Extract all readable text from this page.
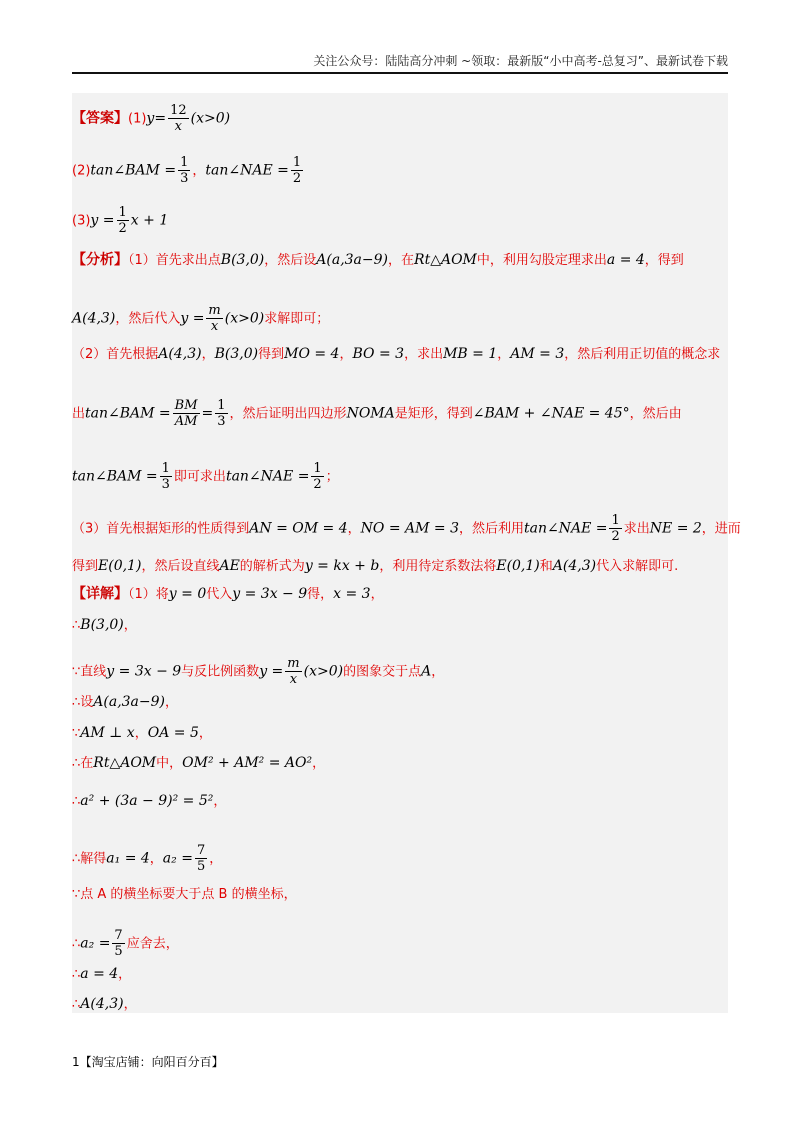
关注公众号：陆陆高分冲刺 ~领取：最新版“小中高考-总复习”、最新试卷下载
【答案】$(1)y= \frac{12}{x} (x>0)$
(2)tan∠BAM = $\frac{1}{3}$ ，tan∠NAE = $\frac{1}{2}$
$(3)y = \frac{1}{2}$ x + 1
【分析】（1）首先求出点B(3,0)，然后设A(a,3a−9)，在Rt△AOM中，利用勾股定理求出a = 4，得到
A(4,3)，然后代入$y = \frac{m}{x} (x>0)$求解即可；
（2）首先根据A(4,3)，B(3,0)得到MO = 4，BO = 3，求出MB = 1，AM = 3，然后利用正切值的概念求
出tan∠BAM = $\frac{BM}{AM} = \frac{1}{3}$ ，然后证明出四边形NOMA是矩形，得到∠BAM + ∠NAE = 45°，然后由
tan∠BAM = $\frac{1}{3}$ 即可求出tan∠NAE = $\frac{1}{2}$ ；
（3）首先根据矩形的性质得到AN = OM = 4，NO = AM = 3，然后利用tan∠NAE = $\frac{1}{2}$ 求出NE = 2，进而
得到E(0,1)，然后设直线AE的解析式为y = kx + b，利用待定系数法将E(0,1)和A(4,3)代入求解即可.
【详解】（1）将y = 0代入y = 3x − 9得，x = 3，
∴B(3,0)，
∵直线y = 3x − 9与反比例函数$y = \frac{m}{x} (x>0)$的图象交于点A，
∴设A(a,3a−9)，
∵AM ⊥ x，OA = 5，
∴在Rt△AOM中，OM² + AM² = AO²，
∴a² + (3a − 9)² = 5²，
∴解得a₁ = 4，$a_2 = \frac{7}{5}$ ，
∵点 A 的横坐标要大于点 B 的横坐标，
∴a₂ = $\frac{7}{5}$ 应舍去，
∴a = 4，
∴A(4,3)，
1【淘宝店铺：向阳百分百】
